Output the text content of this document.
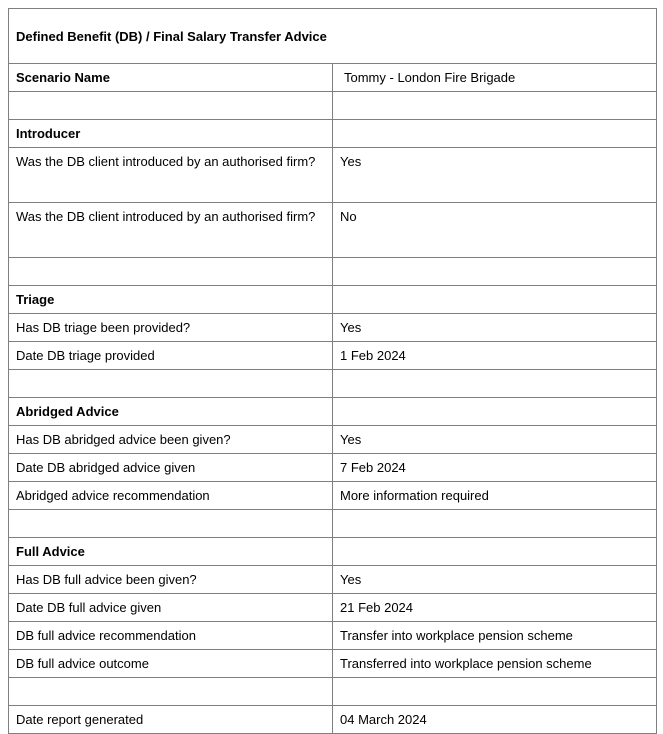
Defined Benefit (DB) / Final Salary Transfer Advice	
Scenario Name	Tommy - London Fire Brigade

Introducer	
Was the DB client introduced by an authorised firm?	Yes
Was the DB client introduced by an authorised firm?	No

Triage	
Has DB triage been provided?	Yes
Date DB triage provided	1 Feb 2024

Abridged Advice	
Has DB abridged advice been given?	Yes
Date DB abridged advice given	7 Feb 2024
Abridged advice recommendation	More information required

Full Advice	
Has DB full advice been given?	Yes
Date DB full advice given	21 Feb 2024
DB full advice recommendation	Transfer into workplace pension scheme
DB full advice outcome	Transferred into workplace pension scheme

Date report generated	04 March 2024
